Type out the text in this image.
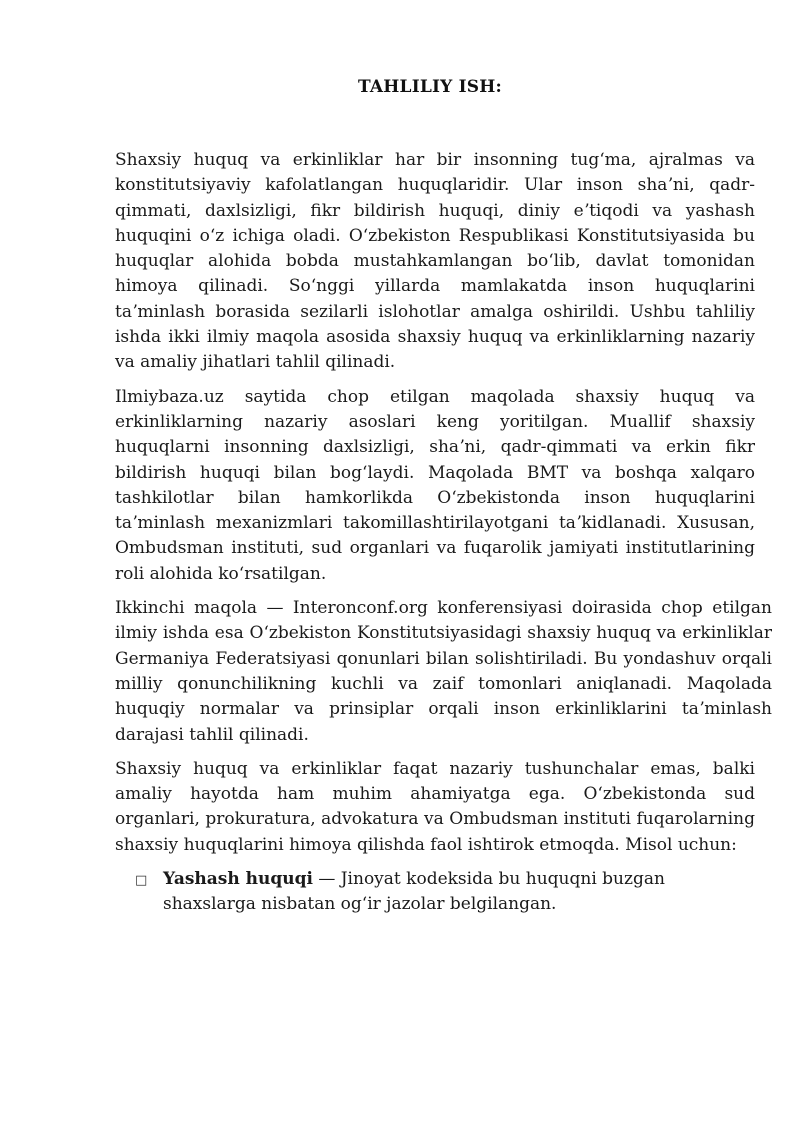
TAHLILIY ISH:

Shaxsiy huquq va erkinliklar har bir insonning tugʻma, ajralmas va konstitutsiyaviy kafolatlangan huquqlaridir. Ular inson shaʼni, qadr-qimmati, daxlsizligi, fikr bildirish huquqi, diniy eʼtiqodi va yashash huquqini oʻz ichiga oladi. Oʻzbekiston Respublikasi Konstitutsiyasida bu huquqlar alohida bobda mustahkamlangan boʻlib, davlat tomonidan himoya qilinadi. Soʻnggi yillarda mamlakatda inson huquqlarini taʼminlash borasida sezilarli islohotlar amalga oshirildi. Ushbu tahliliy ishda ikki ilmiy maqola asosida shaxsiy huquq va erkinliklarning nazariy va amaliy jihatlari tahlil qilinadi.

Ilmiybaza.uz saytida chop etilgan maqolada shaxsiy huquq va erkinliklarning nazariy asoslari keng yoritilgan. Muallif shaxsiy huquqlarni insonning daxlsizligi, shaʼni, qadr-qimmati va erkin fikr bildirish huquqi bilan bogʻlaydi. Maqolada BMT va boshqa xalqaro tashkilotlar bilan hamkorlikda Oʻzbekistonda inson huquqlarini taʼminlash mexanizmlari takomillashtirilayotgani taʼkidlanadi. Xususan, Ombudsman instituti, sud organlari va fuqarolik jamiyati institutlarining roli alohida koʻrsatilgan.

Ikkinchi maqola — Interonconf.org konferensiyasi doirasida chop etilgan ilmiy ishda esa Oʻzbekiston Konstitutsiyasidagi shaxsiy huquq va erkinliklar Germaniya Federatsiyasi qonunlari bilan solishtiriladi. Bu yondashuv orqali milliy qonunchilikning kuchli va zaif tomonlari aniqlanadi. Maqolada huquqiy normalar va prinsiplar orqali inson erkinliklarini taʼminlash darajasi tahlil qilinadi.

Shaxsiy huquq va erkinliklar faqat nazariy tushunchalar emas, balki amaliy hayotda ham muhim ahamiyatga ega. Oʻzbekistonda sud organlari, prokuratura, advokatura va Ombudsman instituti fuqarolarning shaxsiy huquqlarini himoya qilishda faol ishtirok etmoqda. Misol uchun:

□ Yashash huquqi — Jinoyat kodeksida bu huquqni buzgan shaxslarga nisbatan ogʻir jazolar belgilangan.
